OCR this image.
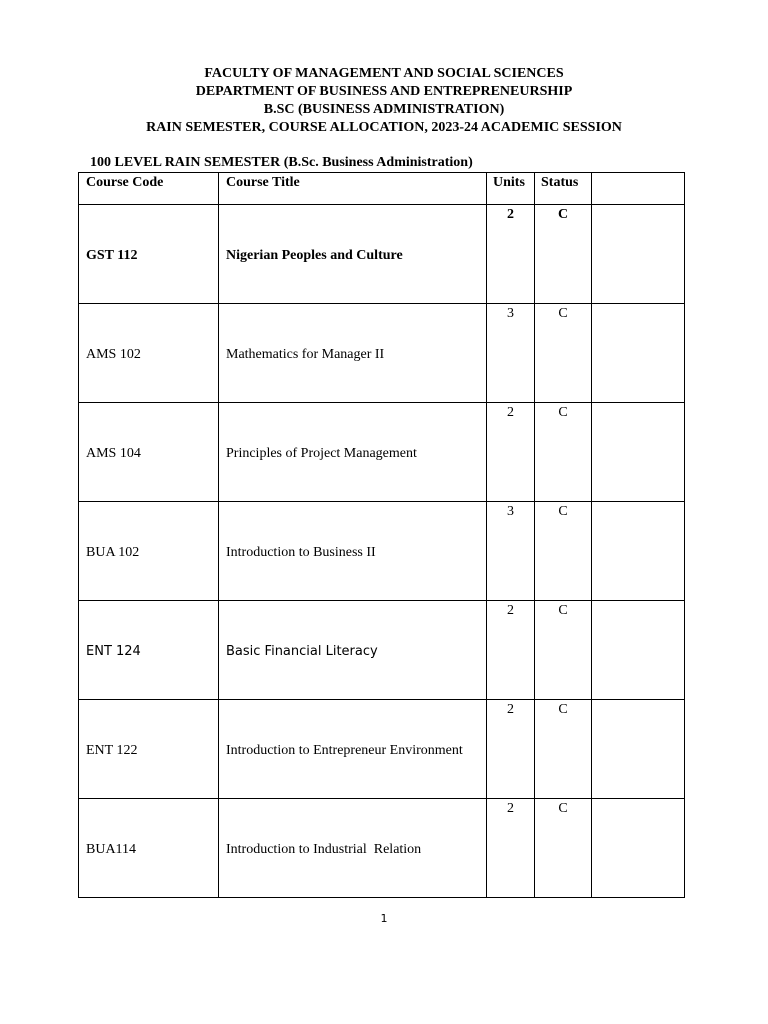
FACULTY OF MANAGEMENT AND SOCIAL SCIENCES
DEPARTMENT OF BUSINESS AND ENTREPRENEURSHIP
B.SC (BUSINESS ADMINISTRATION)
RAIN SEMESTER, COURSE ALLOCATION, 2023-24 ACADEMIC SESSION
100 LEVEL RAIN SEMESTER (B.Sc. Business Administration)
Course Code	Course Title	Units	Status	

GST 112	Nigerian Peoples and Culture	2	C	

AMS 102	Mathematics for Manager II	3	C	

AMS 104	Principles of Project Management	2	C	

BUA 102	Introduction to Business II	3	C	

ENT 124	Basic Financial Literacy	2	C	

ENT 122	Introduction to Entrepreneur Environment	2	C	

BUA114	Introduction to Industrial  Relation	2	C	

1
